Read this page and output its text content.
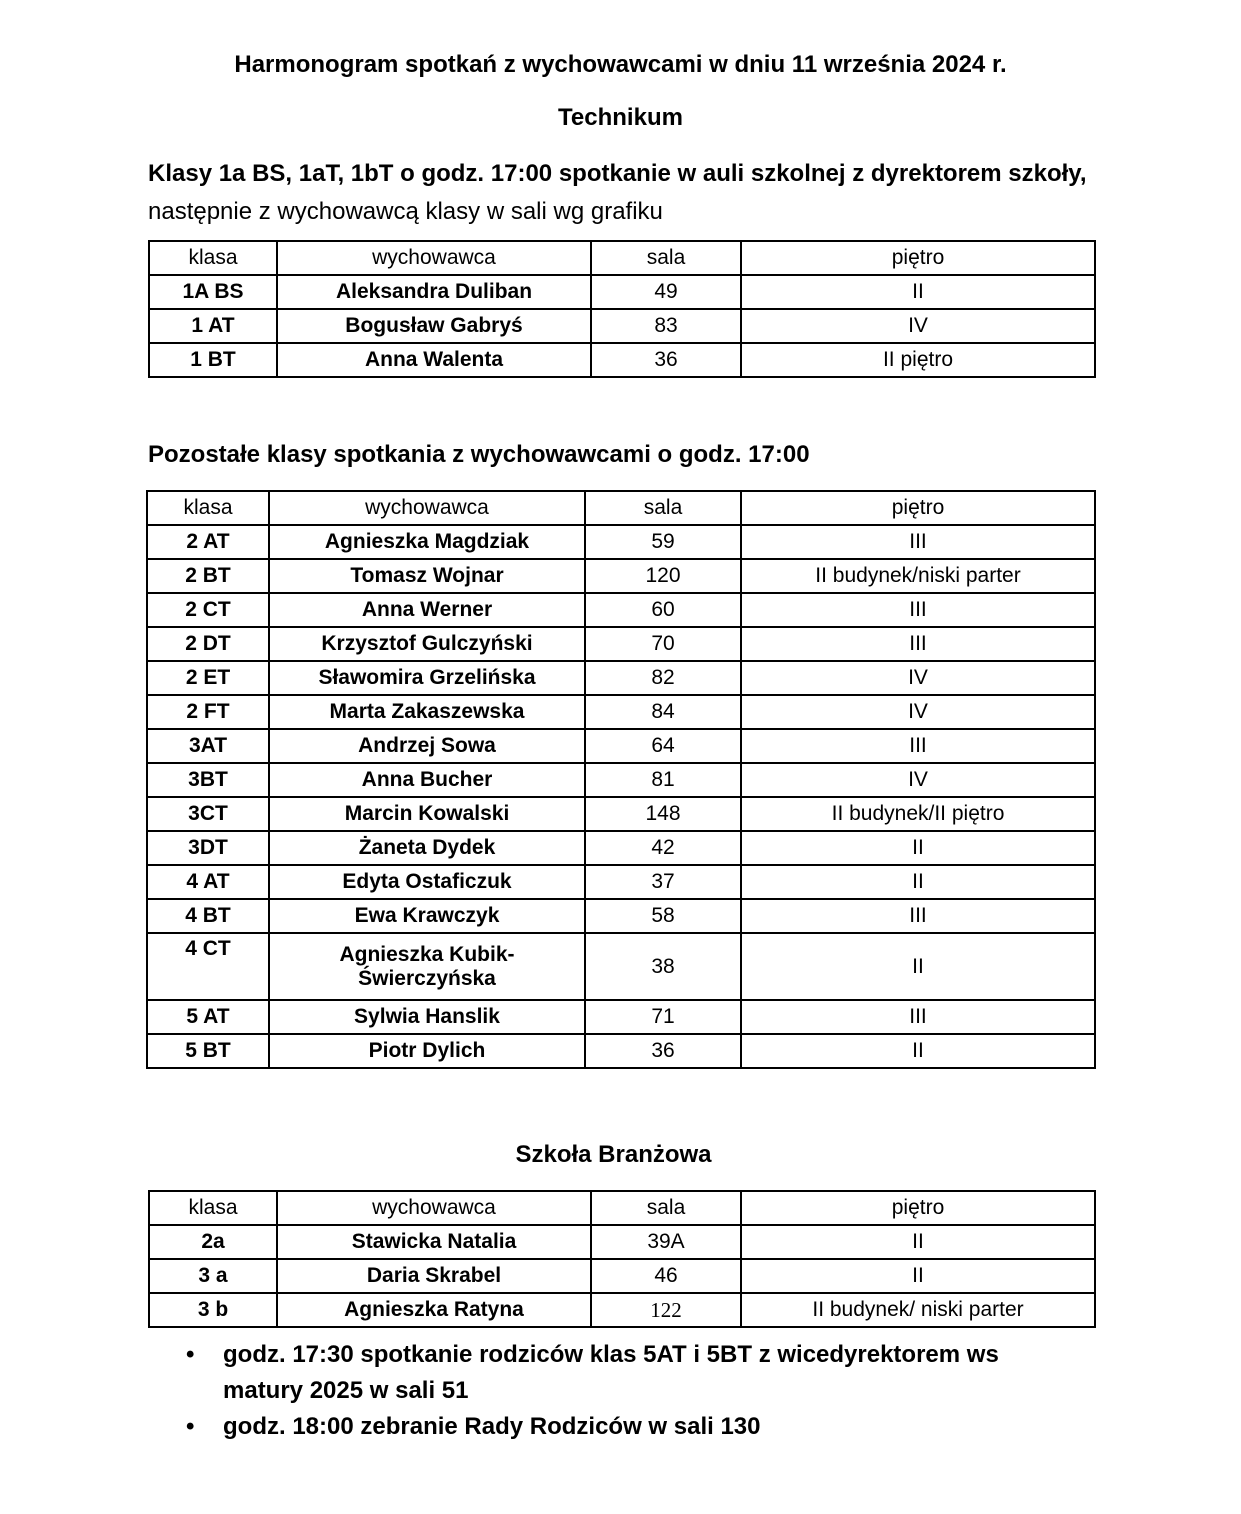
Harmonogram spotkań z wychowawcami w dniu 11 września 2024 r.
Technikum
Klasy 1a BS, 1aT, 1bT o godz. 17:00 spotkanie w auli szkolnej z dyrektorem szkoły, następnie z wychowawcą klasy w sali wg grafiku
klasa	wychowawca	sala	piętro
1A BS	Aleksandra Duliban	49	II
1 AT	Bogusław Gabryś	83	IV
1 BT	Anna Walenta	36	II piętro
Pozostałe klasy spotkania z wychowawcami o godz. 17:00
klasa	wychowawca	sala	piętro
2 AT	Agnieszka Magdziak	59	III
2 BT	Tomasz Wojnar	120	II budynek/niski parter
2 CT	Anna Werner	60	III
2 DT	Krzysztof Gulczyński	70	III
2 ET	Sławomira Grzelińska	82	IV
2 FT	Marta Zakaszewska	84	IV
3AT	Andrzej Sowa	64	III
3BT	Anna Bucher	81	IV
3CT	Marcin Kowalski	148	II budynek/II piętro
3DT	Żaneta Dydek	42	II
4 AT	Edyta Ostaficzuk	37	II
4 BT	Ewa Krawczyk	58	III
4 CT	Agnieszka Kubik-
Świerczyńska	38	II
5 AT	Sylwia Hanslik	71	III
5 BT	Piotr Dylich	36	II
Szkoła Branżowa
klasa	wychowawca	sala	piętro
2a	Stawicka Natalia	39A	II
3 a	Daria Skrabel	46	II
3 b	Agnieszka Ratyna	122	II budynek/ niski parter
• godz. 17:30 spotkanie rodziców klas 5AT i 5BT z wicedyrektorem ws
matury 2025 w sali 51
• godz. 18:00 zebranie Rady Rodziców w sali 130
